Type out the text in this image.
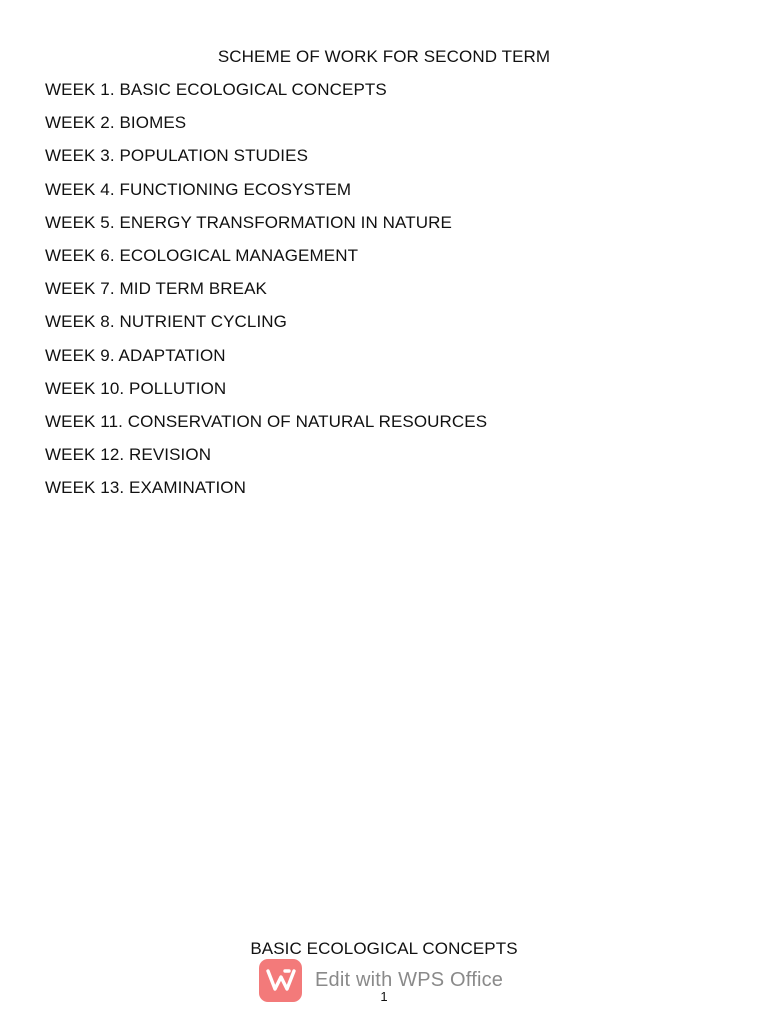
SCHEME OF WORK FOR SECOND TERM
WEEK 1. BASIC ECOLOGICAL CONCEPTS
WEEK 2. BIOMES
WEEK 3. POPULATION STUDIES
WEEK 4. FUNCTIONING ECOSYSTEM
WEEK 5. ENERGY TRANSFORMATION IN NATURE
WEEK 6. ECOLOGICAL MANAGEMENT
WEEK 7. MID TERM BREAK
WEEK 8. NUTRIENT CYCLING
WEEK 9. ADAPTATION
WEEK 10. POLLUTION
WEEK 11. CONSERVATION OF NATURAL RESOURCES
WEEK 12. REVISION
WEEK 13. EXAMINATION
BASIC ECOLOGICAL CONCEPTS
Edit with WPS Office
1
